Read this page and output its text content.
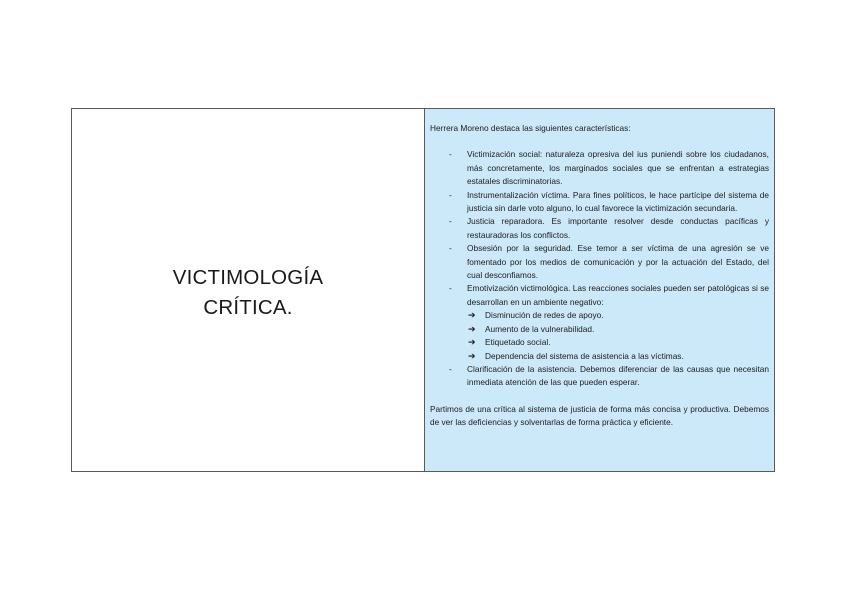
VICTIMOLOGÍA
CRÍTICA.

Herrera Moreno destaca las siguientes características:

- Victimización social: naturaleza opresiva del ius puniendi sobre los ciudadanos, más concretamente, los marginados sociales que se enfrentan a estrategias estatales discriminatorias.
- Instrumentalización víctima. Para fines políticos, le hace partícipe del sistema de justicia sin darle voto alguno, lo cual favorece la victimización secundaria.
- Justicia reparadora. Es importante resolver desde conductas pacíficas y restauradoras los conflictos.
- Obsesión por la seguridad. Ese temor a ser víctima de una agresión se ve fomentado por los medios de comunicación y por la actuación del Estado, del cual desconfiamos.
- Emotivización victimológica. Las reacciones sociales pueden ser patológicas si se desarrollan en un ambiente negativo:
➔ Disminución de redes de apoyo.
➔ Aumento de la vulnerabilidad.
➔ Etiquetado social.
➔ Dependencia del sistema de asistencia a las víctimas.
- Clarificación de la asistencia. Debemos diferenciar de las causas que necesitan inmediata atención de las que pueden esperar.

Partimos de una crítica al sistema de justicia de forma más concisa y productiva. Debemos de ver las deficiencias y solventarlas de forma práctica y eficiente.
